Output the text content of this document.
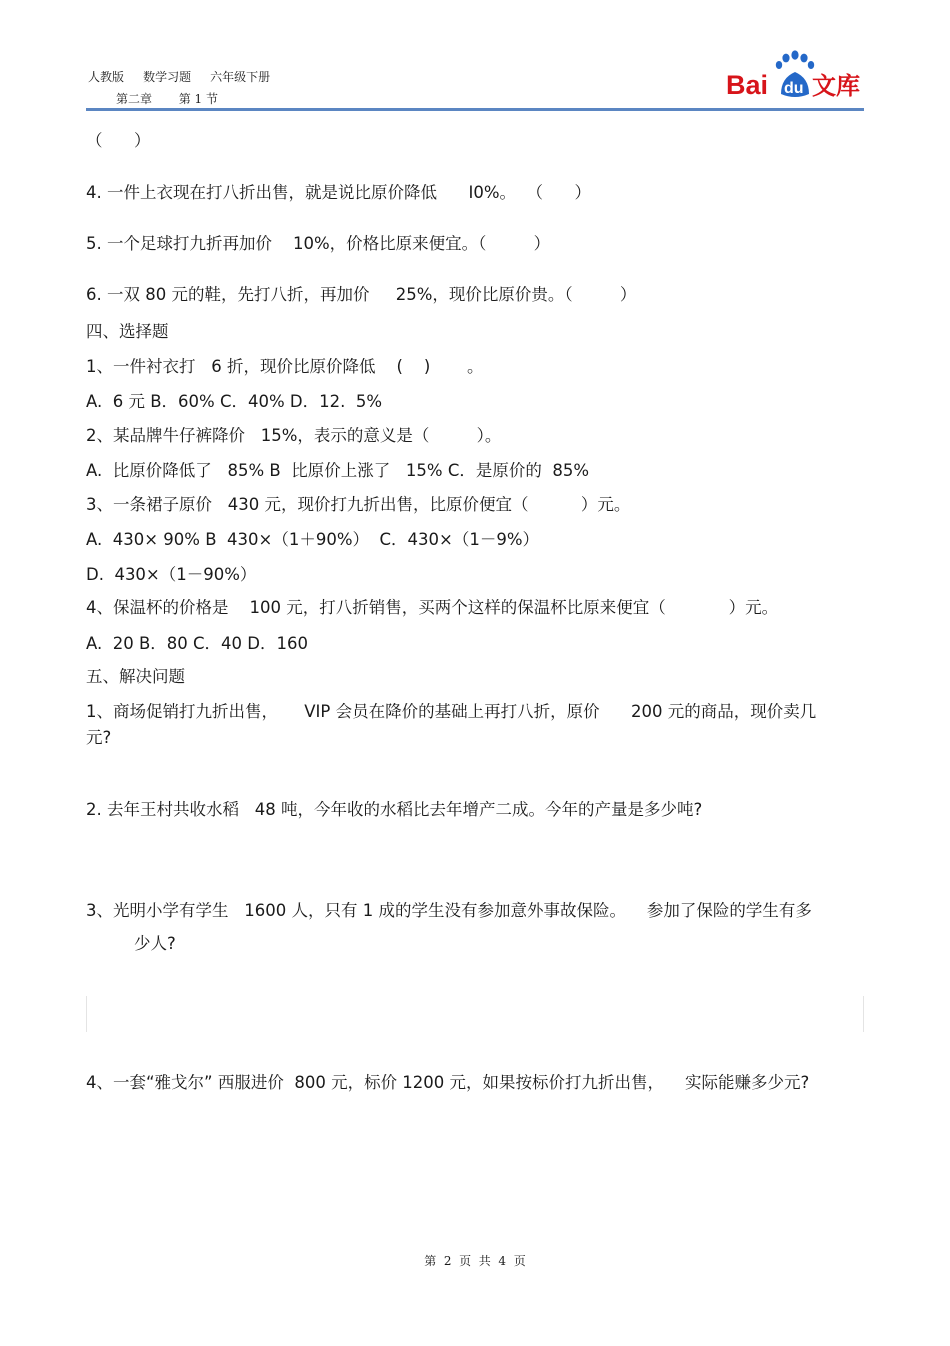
人教版     数学习题     六年级下册
第二章       第 1 节	Bai du 文库
（      ）
4. 一件上衣现在打八折出售，就是说比原价降低      I0%。  （      ）
5. 一个足球打九折再加价    10%，价格比原来便宜。（         ）
6. 一双 80 元的鞋，先打八折，再加价     25%，现价比原价贵。（         ）
四、选择题
1、一件衬衣打   6 折，现价比原价降低    (    )       。
A.  6 元 B．60% C．40% D．12.  5%
2、某品牌牛仔裤降价   15%，表示的意义是（         ）。
A.  比原价降低了   85% B  比原价上涨了   15% C．是原价的  85%
3、一条裙子原价   430 元，现价打九折出售，比原价便宜（          ）元。
A.  430× 90% B  430×（1＋90%）  C．430×（1－9%）
D.  430×（1－90%）
4、保温杯的价格是    100 元，打八折销售，买两个这样的保温杯比原来便宜（            ）元。
A.  20 B．80 C．40 D．160
五、解决问题
1、商场促销打九折出售，     VIP 会员在降价的基础上再打八折，原价      200 元的商品，现价卖几
元?
2. 去年王村共收水稻   48 吨，今年收的水稻比去年增产二成。今年的产量是多少吨?
3、光明小学有学生   1600 人，只有 1 成的学生没有参加意外事故保险。    参加了保险的学生有多
少人?
4、一套“雅戈尔” 西服进价  800 元，标价 1200 元，如果按标价打九折出售，    实际能赚多少元?
第  2  页  共  4  页
